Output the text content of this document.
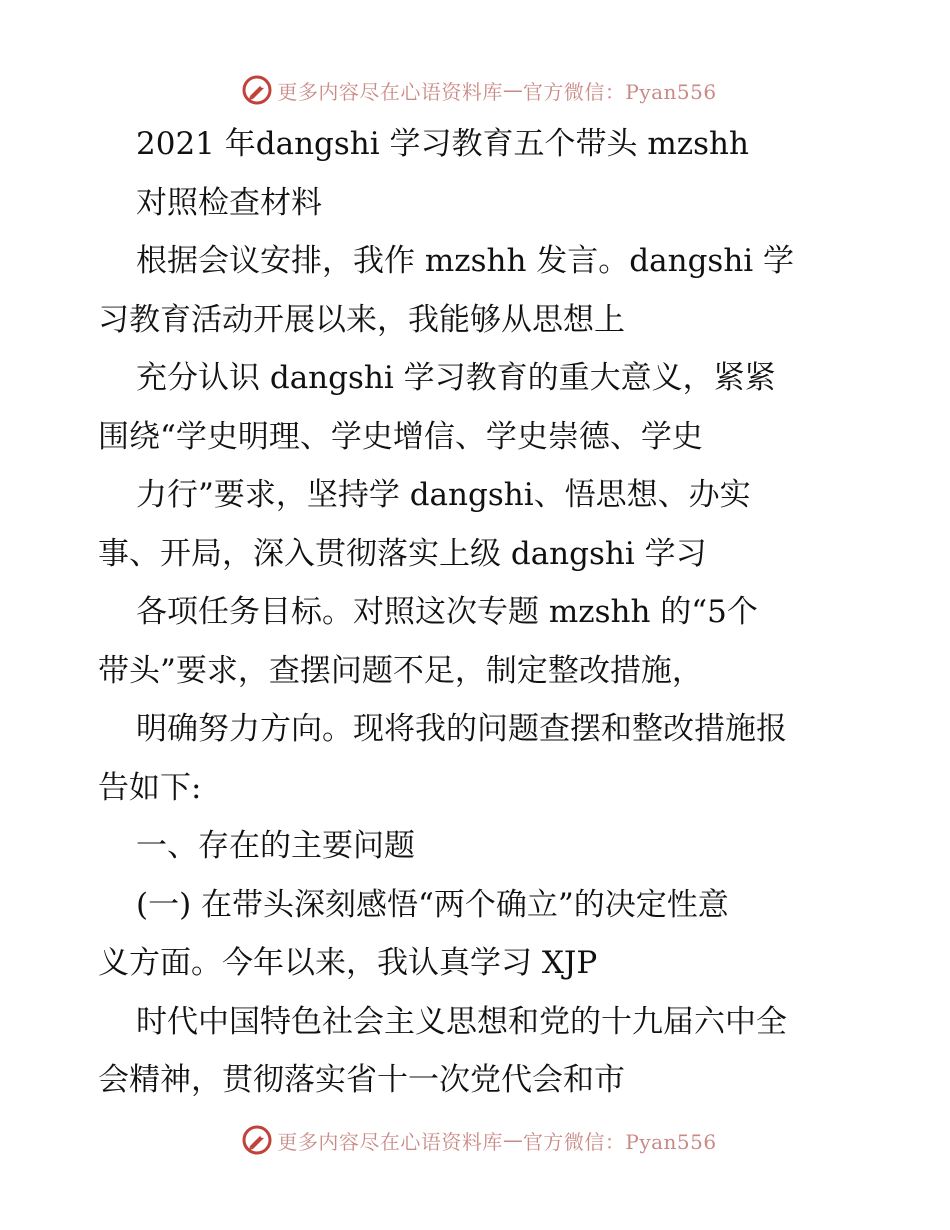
更多内容尽在心语资料库 — 官方微信：Pyan556
2021 年dangshi 学习教育五个带头 mzshh
对照检查材料
根据会议安排，我作 mzshh 发言。dangshi 学
习教育活动开展以来，我能够从思想上
充分认识 dangshi 学习教育的重大意义，紧紧
围绕“学史明理、学史增信、学史崇德、学史
力行”要求，坚持学 dangshi、悟思想、办实
事、开局，深入贯彻落实上级 dangshi 学习
各项任务目标。对照这次专题 mzshh 的“5个
带头”要求，查摆问题不足，制定整改措施，
明确努力方向。现将我的问题查摆和整改措施报
告如下:
一、存在的主要问题
(一) 在带头深刻感悟“两个确立”的决定性意
义方面。今年以来，我认真学习 XJP
时代中国特色社会主义思想和党的十九届六中全
会精神，贯彻落实省十一次党代会和市
更多内容尽在心语资料库 — 官方微信：Pyan556
